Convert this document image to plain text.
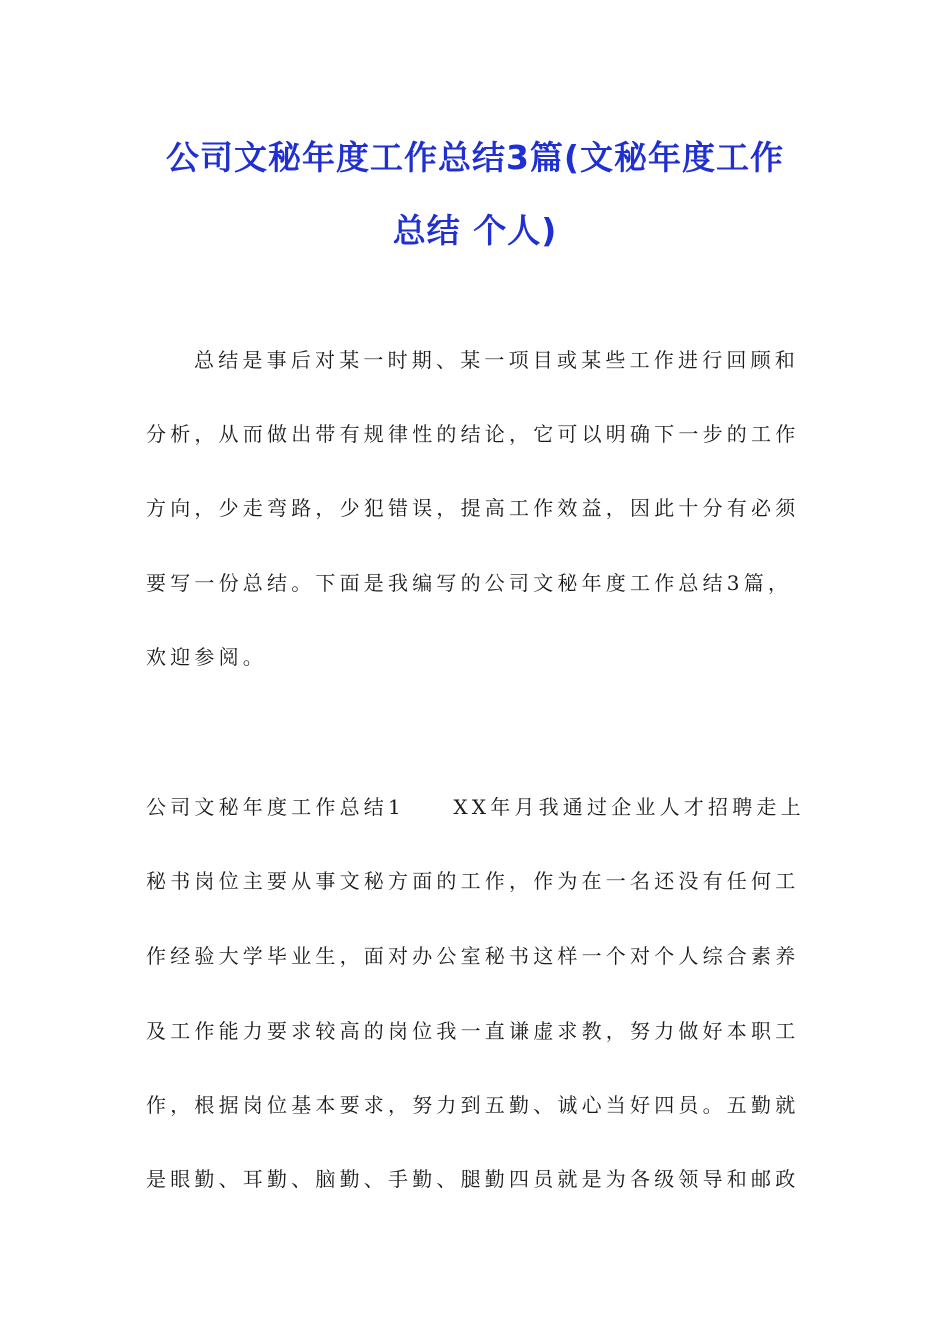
公司文秘年度工作总结3篇(文秘年度工作
总结 个人)
总结是事后对某一时期、某一项目或某些工作进行回顾和
分析，从而做出带有规律性的结论，它可以明确下一步的工作
方向，少走弯路，少犯错误，提高工作效益，因此十分有必须
要写一份总结。下面是我编写的公司文秘年度工作总结3篇，
欢迎参阅。
公司文秘年度工作总结1　　XX年月我通过企业人才招聘走上
秘书岗位主要从事文秘方面的工作，作为在一名还没有任何工
作经验大学毕业生，面对办公室秘书这样一个对个人综合素养
及工作能力要求较高的岗位我一直谦虚求教，努力做好本职工
作，根据岗位基本要求，努力到五勤、诚心当好四员。五勤就
是眼勤、耳勤、脑勤、手勤、腿勤四员就是为各级领导和邮政
